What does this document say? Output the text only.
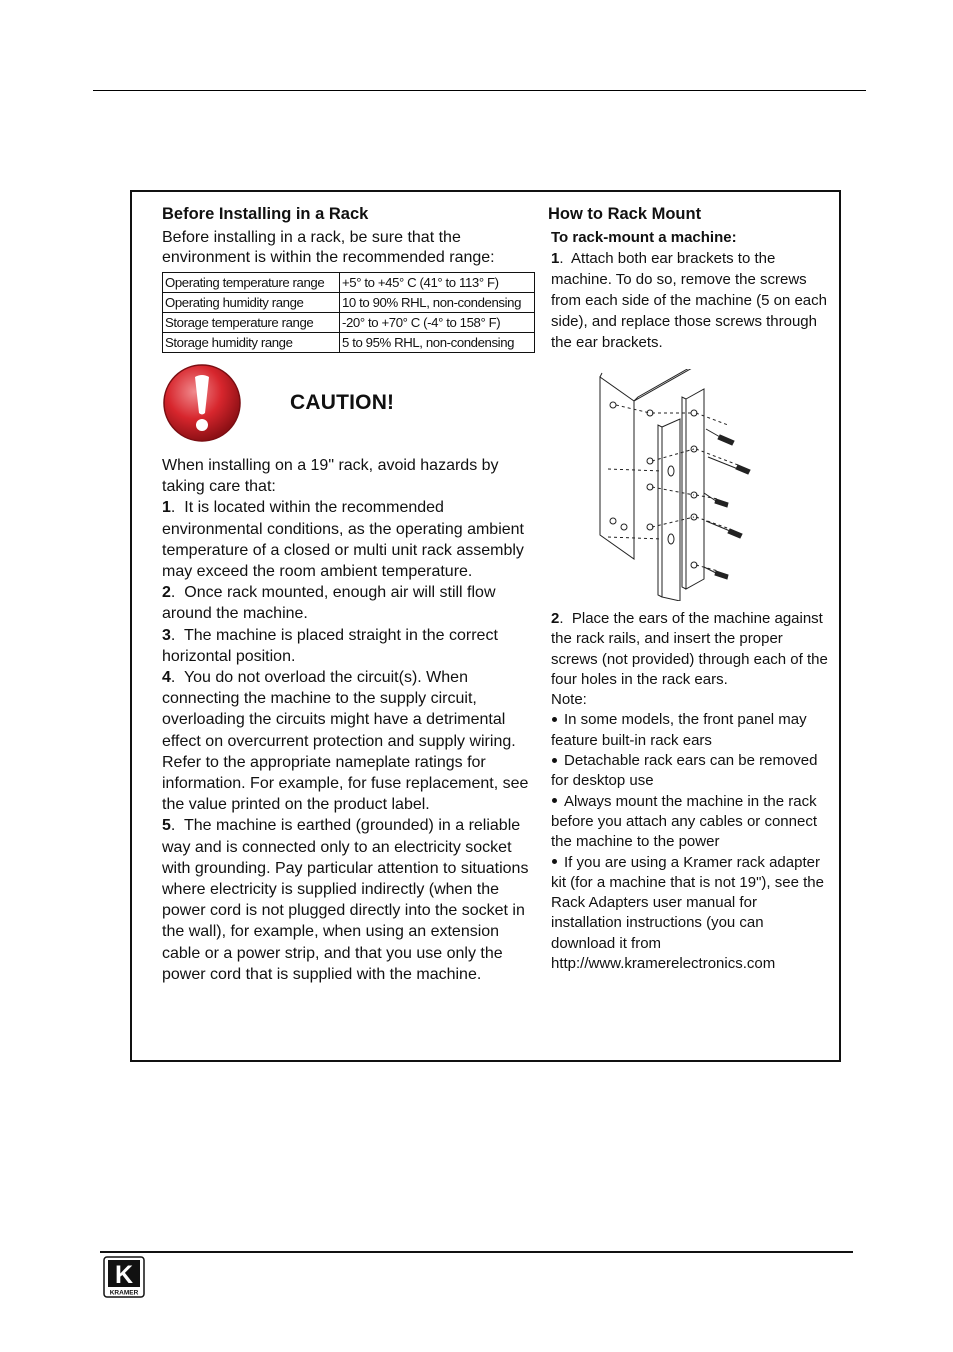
Before Installing in a Rack

Before installing in a rack, be sure that the environment is within the recommended range:

Operating temperature range	+5° to +45° C (41° to 113° F)
Operating humidity range	10 to 90% RHL, non-condensing
Storage temperature range	-20° to +70° C (-4° to 158° F)
Storage humidity range	5 to 95% RHL, non-condensing
CAUTION!

When installing on a 19" rack, avoid hazards by taking care that:

1.  It is located within the recommended environmental conditions, as the operating ambient temperature of a closed or multi unit rack assembly may exceed the room ambient temperature.

2.  Once rack mounted, enough air will still flow around the machine.

3.  The machine is placed straight in the correct horizontal position.

4.  You do not overload the circuit(s). When connecting the machine to the supply circuit, overloading the circuits might have a detrimental effect on overcurrent protection and supply wiring. Refer to the appropriate nameplate ratings for information. For example, for fuse replacement, see the value printed on the product label.

5.  The machine is earthed (grounded) in a reliable way and is connected only to an electricity socket with grounding. Pay particular attention to situations where electricity is supplied indirectly (when the power cord is not plugged directly into the socket in the wall), for example, when using an extension cable or a power strip, and that you use only the power cord that is supplied with the machine.

How to Rack Mount
To rack-mount a machine:

1.  Attach both ear brackets to the machine. To do so, remove the screws from each side of the machine (5 on each side), and replace those screws through the ear brackets.

2.  Place the ears of the machine against the rack rails, and insert the proper screws (not provided) through each of the four holes in the rack ears.

Note:

In some models, the front panel may feature built-in rack ears

Detachable rack ears can be removed for desktop use

Always mount the machine in the rack before you attach any cables or connect the machine to the power

If you are using a Kramer rack adapter kit (for a machine that is not 19"), see the Rack Adapters user manual for installation instructions (you can download it from http://www.kramerelectronics.com

K
KRAMER
